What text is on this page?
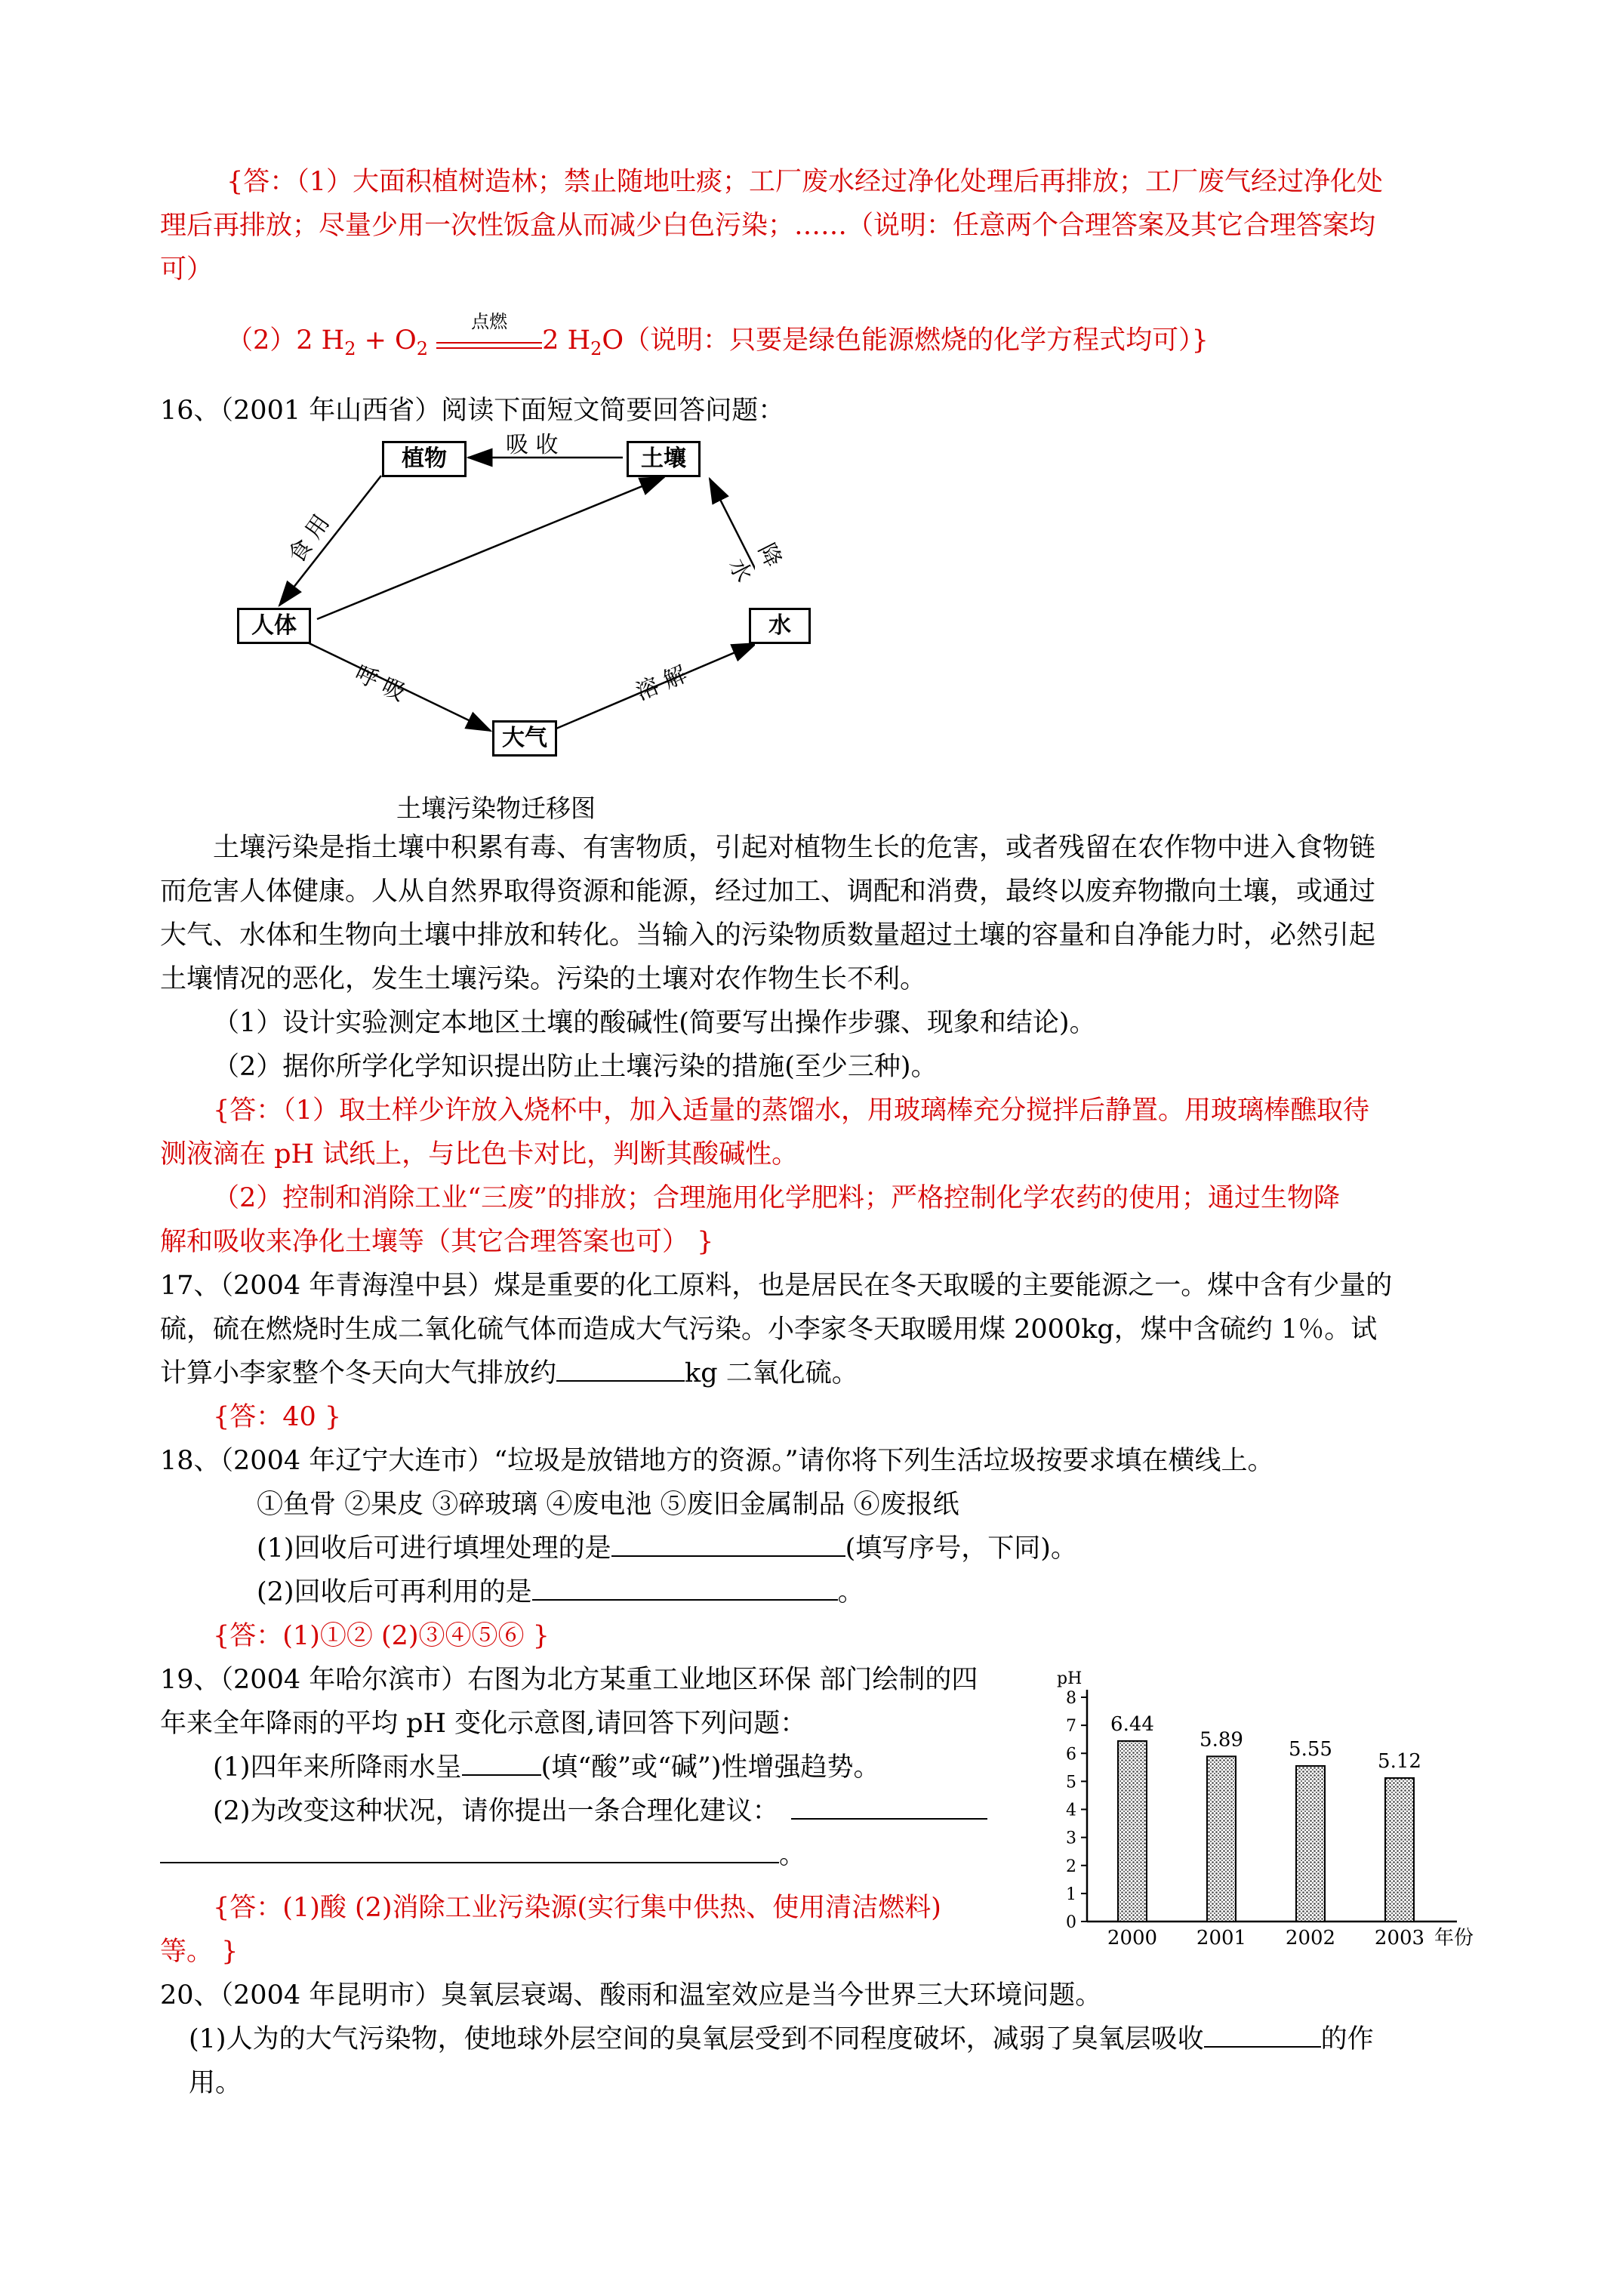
{答：（1）大面积植树造林；禁止随地吐痰；工厂废水经过净化处理后再排放；工厂废气经过净化处
理后再排放；尽量少用一次性饭盒从而减少白色污染；……（说明：任意两个合理答案及其它合理答案均
可）
（2）2 $H_2 + O_2$
点燃
2 $H_2O$（说明：只要是绿色能源燃烧的化学方程式均可）}
16、（2001 年山西省）阅读下面短文简要回答问题：
植物	土壤
人体	水
大气
吸 收
食 用	降 水
呼 吸	溶 解
土壤污染物迁移图
土壤污染是指土壤中积累有毒、有害物质，引起对植物生长的危害，或者残留在农作物中进入食物链
而危害人体健康。人从自然界取得资源和能源，经过加工、调配和消费，最终以废弃物撒向土壤，或通过
大气、水体和生物向土壤中排放和转化。当输入的污染物质数量超过土壤的容量和自净能力时，必然引起
土壤情况的恶化，发生土壤污染。污染的土壤对农作物生长不利。
（1）设计实验测定本地区土壤的酸碱性(简要写出操作步骤、现象和结论)。
（2）据你所学化学知识提出防止土壤污染的措施(至少三种)。
{答：（1）取土样少许放入烧杯中，加入适量的蒸馏水，用玻璃棒充分搅拌后静置。用玻璃棒醮取待
测液滴在 pH 试纸上，与比色卡对比，判断其酸碱性。
（2）控制和消除工业“三废”的排放；合理施用化学肥料；严格控制化学农药的使用；通过生物降
解和吸收来净化土壤等（其它合理答案也可） }
17、（2004 年青海湟中县）煤是重要的化工原料，也是居民在冬天取暖的主要能源之一。煤中含有少量的
硫，硫在燃烧时生成二氧化硫气体而造成大气污染。小李家冬天取暖用煤 2000kg，煤中含硫约 1％。试
计算小李家整个冬天向大气排放约	kg 二氧化硫。
{答：40 }
18、（2004 年辽宁大连市）“垃圾是放错地方的资源。”请你将下列生活垃圾按要求填在横线上。
①鱼骨 ②果皮 ③碎玻璃 ④废电池 ⑤废旧金属制品 ⑥废报纸
(1)回收后可进行填埋处理的是	(填写序号，下同)。
(2)回收后可再利用的是	。
{答：(1)①② (2)③④⑤⑥ }
19、（2004 年哈尔滨市）右图为北方某重工业地区环保 部门绘制的四
年来全年降雨的平均 pH 变化示意图,请回答下列问题：
(1)四年来所降雨水呈	(填“酸”或“碱”)性增强趋势。
(2)为改变这种状况，请你提出一条合理化建议：
。
{答：(1)酸 (2)消除工业污染源(实行集中供热、使用清洁燃料)
等。 }
pH
0
1
2
3
4
5
6
7
8
6.44
2000
5.89
2001
5.55
2002
5.12
2003 年份
20、（2004 年昆明市）臭氧层衰竭、酸雨和温室效应是当今世界三大环境问题。
(1)人为的大气污染物，使地球外层空间的臭氧层受到不同程度破坏，减弱了臭氧层吸收	的作
用。
